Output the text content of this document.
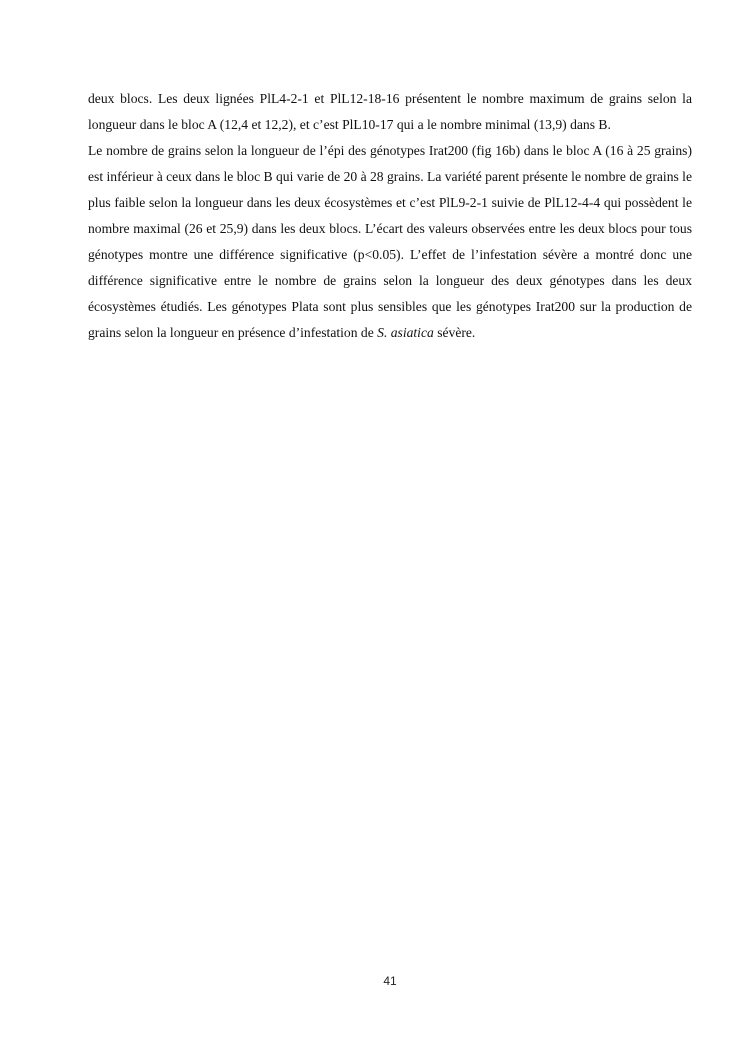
deux blocs. Les deux lignées PlL4-2-1 et PlL12-18-16 présentent le nombre maximum de grains selon la longueur dans le bloc A (12,4 et 12,2), et c’est PlL10-17 qui a le nombre minimal (13,9) dans B.

Le nombre de grains selon la longueur de l’épi des génotypes Irat200 (fig 16b) dans le bloc A (16 à 25 grains) est inférieur à ceux dans le bloc B qui varie de 20 à 28 grains. La variété parent présente le nombre de grains le plus faible selon la longueur dans les deux écosystèmes et c’est PlL9-2-1 suivie de PlL12-4-4 qui possèdent le nombre maximal (26 et 25,9) dans les deux blocs. L’écart des valeurs observées entre les deux blocs pour tous génotypes montre une différence significative (p<0.05). L’effet de l’infestation sévère a montré donc une différence significative entre le nombre de grains selon la longueur des deux génotypes dans les deux écosystèmes étudiés. Les génotypes Plata sont plus sensibles que les génotypes Irat200 sur la production de grains selon la longueur en présence d’infestation de S. asiatica sévère.

41
